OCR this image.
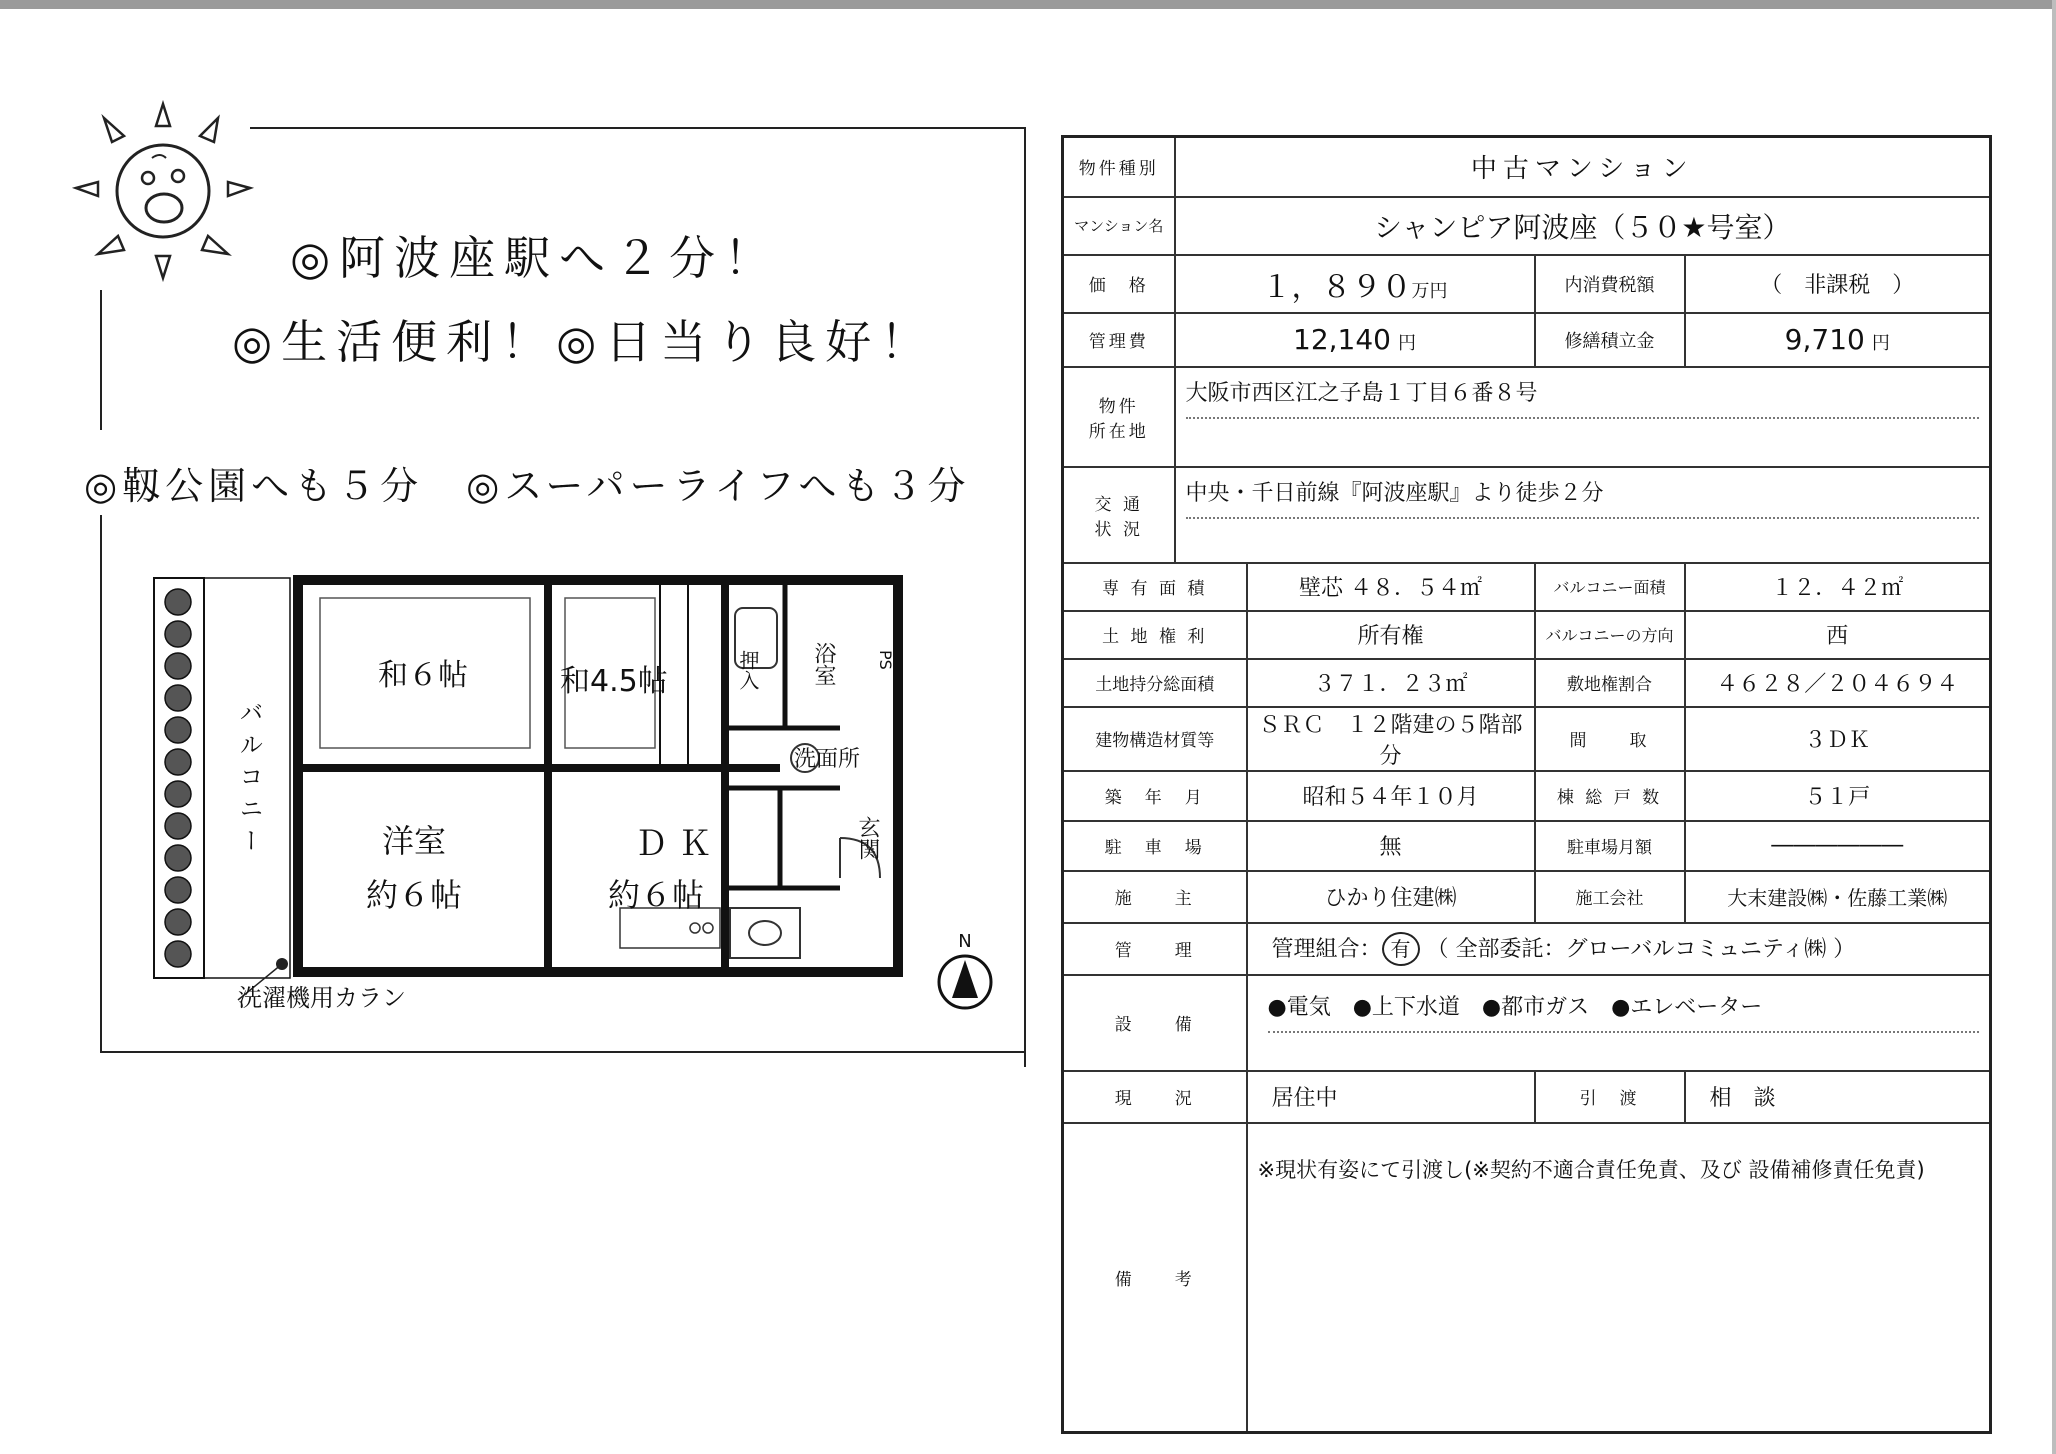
◎阿波座駅へ２分！
◎生活便利！◎日当り良好！
◎靱公園へも５分　◎スーパーライフへも３分
和６帖	和4.5帖	押入 浴室	PS
洗面所
洋室
約６帖
ＤＫ
約６帖
玄関
バルコニー
洗濯機用カラン
N
物件種別	中古マンション			
マンション名	シャンピア阿波座（５０★号室）			
価　格	１，８９０万円		内消費税額	（　非課税　）
管理費	12,140 円		修繕積立金	9,710 円

物件
所在地	大阪市西区江之子島１丁目６番８号			

交 通
状 況	中央・千日前線『阿波座駅』より徒歩２分			

専 有 面 積		壁芯 ４８．５４㎡	バルコニー面積	１２．４２㎡
土 地 権 利		所有権	バルコニーの方向	西
土地持分総面積		３７１．２３㎡	敷地権割合	４６２８／２０４６９４
建物構造材質等		ＳＲＣ　１２階建の５階部分	間　　取	３ＤＫ
築　年　月		昭和５４年１０月	棟 総 戸 数	５１戸
駐　車　場		無	駐車場月額	――――――
施　　主		ひかり住建㈱	施工会社	大末建設㈱・佐藤工業㈱
管　　理		管理組合： 有 （ 全部委託：グローバルコミュニティ㈱ ）		
設　　備		●電気　●上下水道　●都市ガス　●エレベーター		

現　　況		居住中	引　渡	相　談
備　　考		※現状有姿にて引渡し(※契約不適合責任免責、及び 設備補修責任免責)		
